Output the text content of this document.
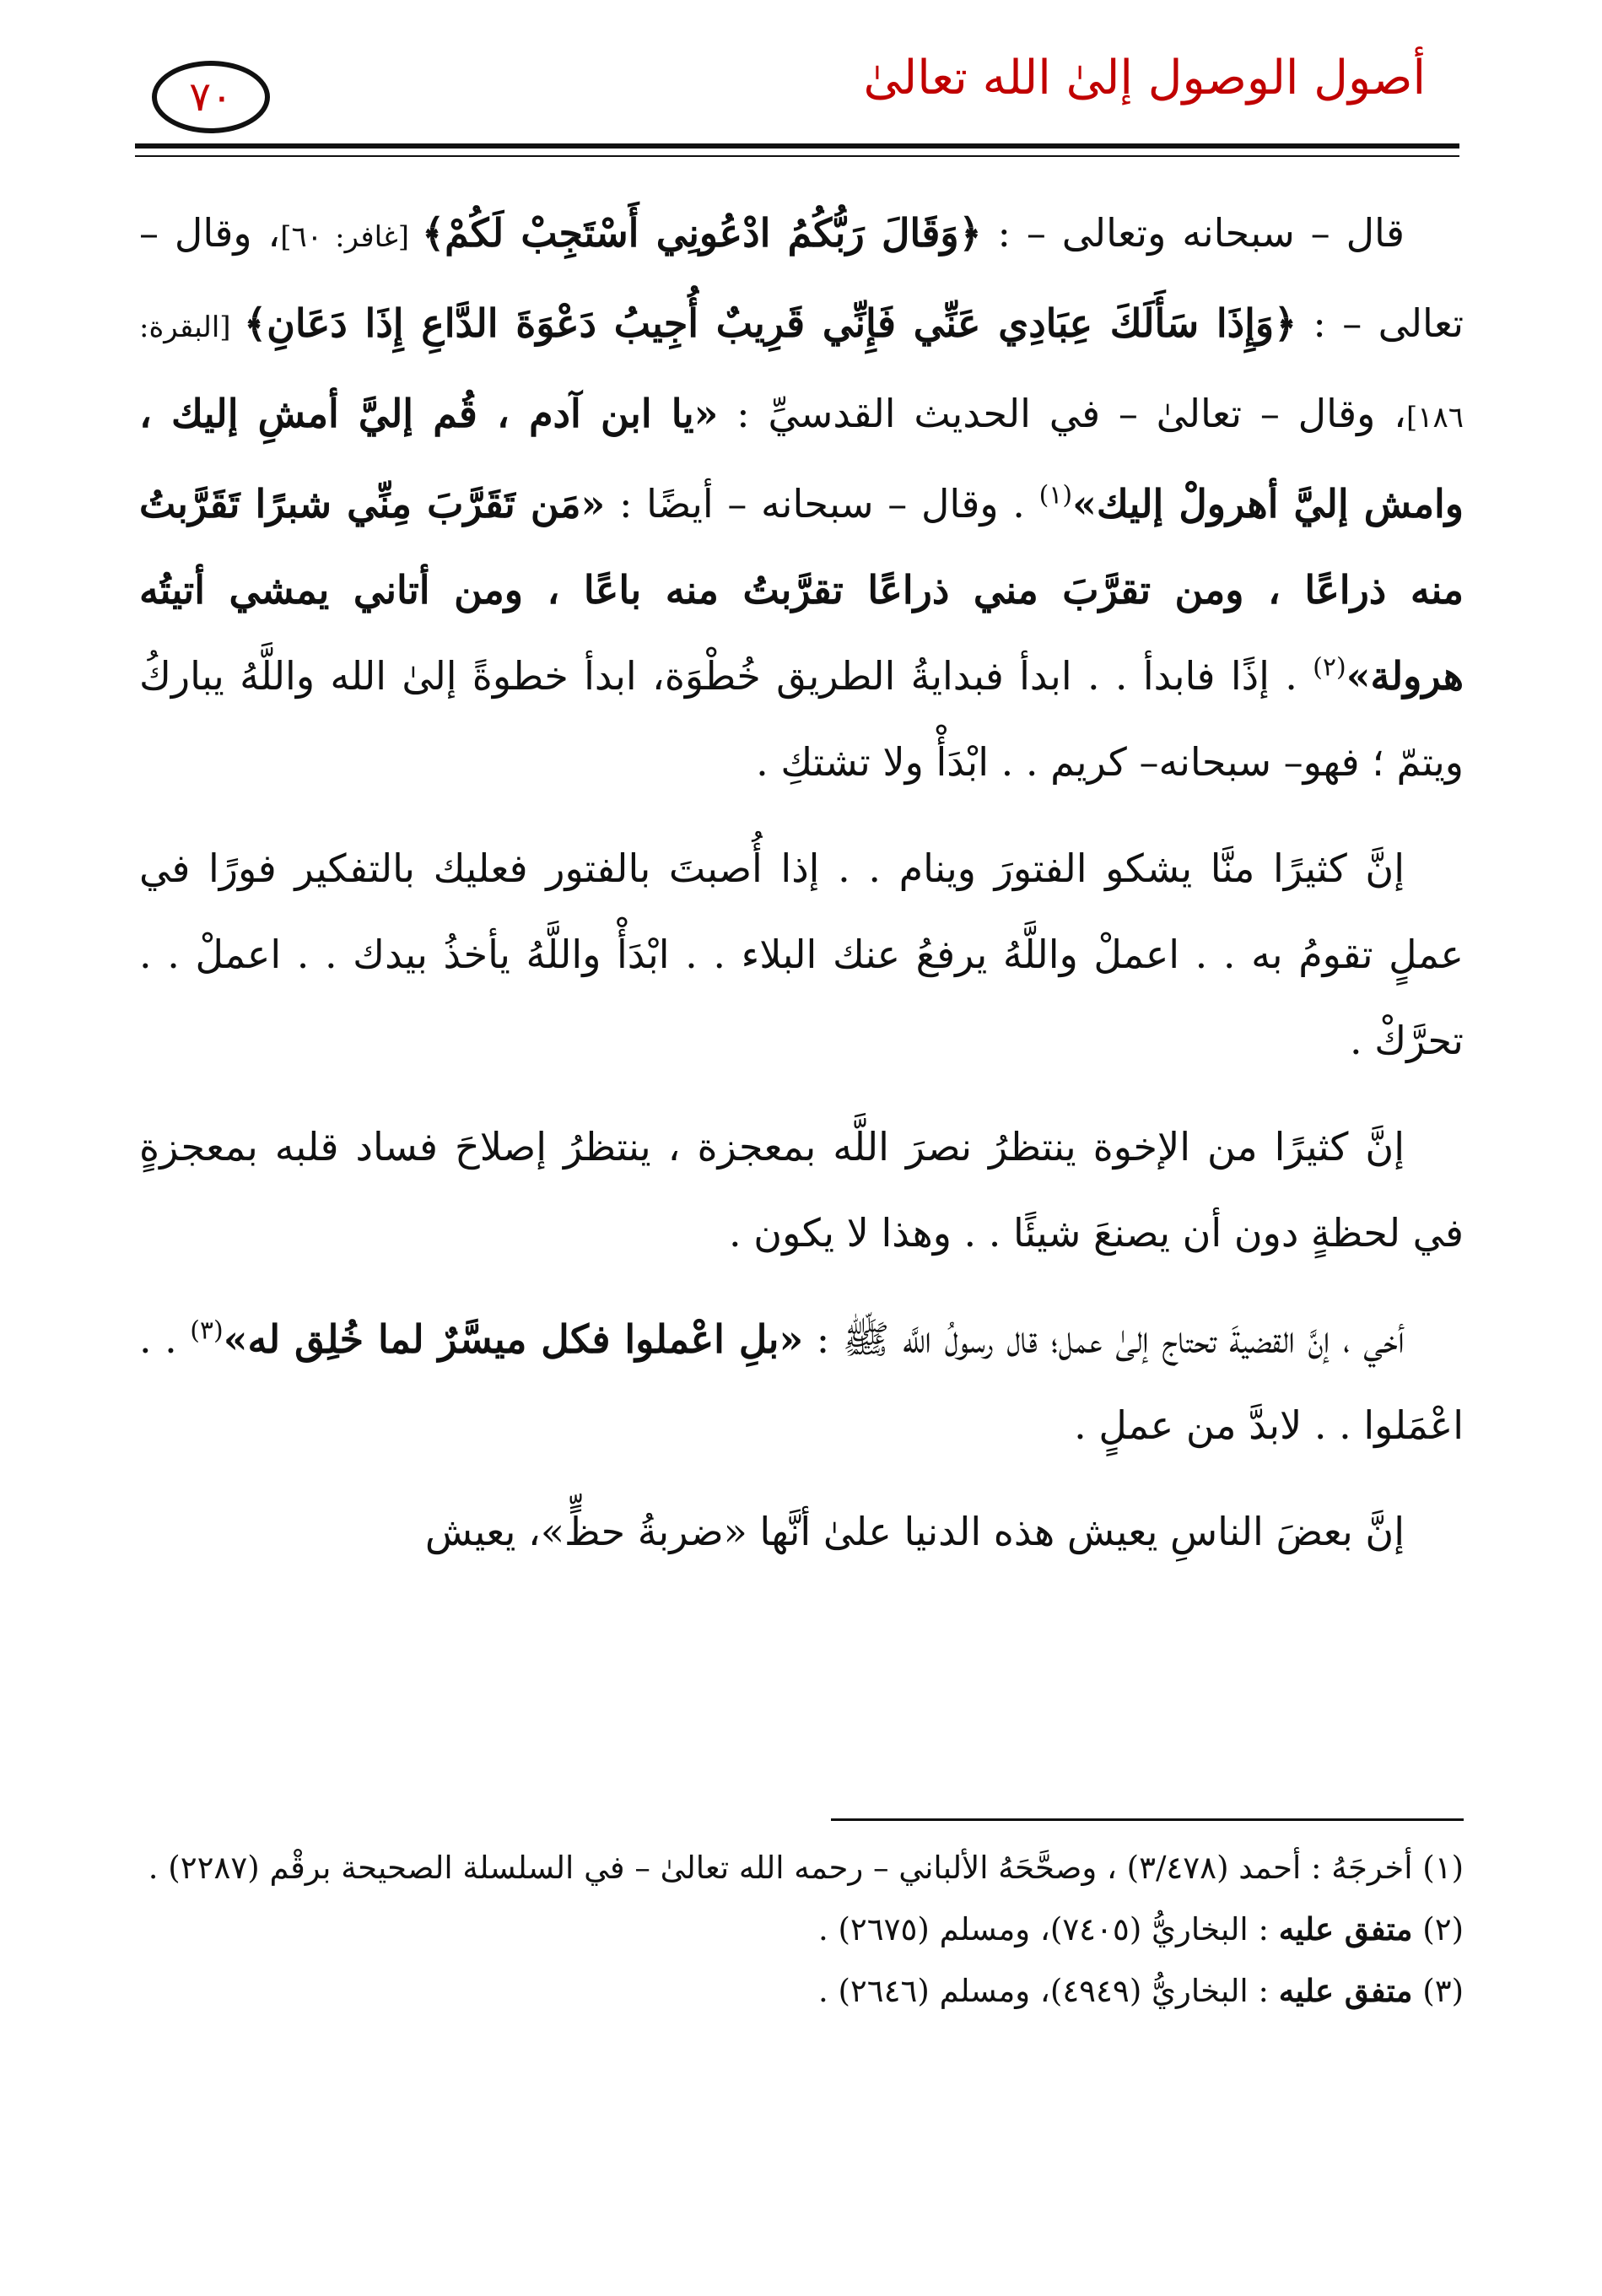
أصول الوصول إلىٰ الله تعالىٰ
٧٠

قال – سبحانه وتعالى – : ﴿وَقَالَ رَبُّكُمُ ادْعُونِي أَسْتَجِبْ لَكُمْ﴾ [غافر: ٦٠]، وقال – تعالى – : ﴿وَإِذَا سَأَلَكَ عِبَادِي عَنِّي فَإِنِّي قَرِيبٌ أُجِيبُ دَعْوَةَ الدَّاعِ إِذَا دَعَانِ﴾ [البقرة: ١٨٦]، وقال – تعالىٰ – في الحديث القدسيِّ : «يا ابن آدم ، قُم إليَّ أمشِ إليك ، وامش إليَّ أهرولْ إليك»$^{(١)}$ . وقال – سبحانه – أيضًا : «مَن تَقَرَّبَ مِنِّي شبرًا تَقَرَّبتُ منه ذراعًا ، ومن تقرَّبَ مني ذراعًا تقرَّبتُ منه باعًا ، ومن أتاني يمشي أتيتُه هرولة»$^{(٢)}$ . إذًا فابدأ . . ابدأ فبدايةُ الطريق خُطْوَة، ابدأ خطوةً إلىٰ الله واللَّهُ يباركُ ويتمّ ؛ فهو– سبحانه– كريم . . ابْدَأْ ولا تشتكِ .

إنَّ كثيرًا منَّا يشكو الفتورَ وينام . . إذا أُصبتَ بالفتور فعليك بالتفكير فورًا في عملٍ تقومُ به . . اعملْ واللَّهُ يرفعُ عنك البلاء . . ابْدَأْ واللَّهُ يأخذُ بيدك . . اعملْ . . تحرَّكْ .

إنَّ كثيرًا من الإخوة ينتظرُ نصرَ اللَّه بمعجزة ، ينتظرُ إصلاحَ فساد قلبه بمعجزةٍ في لحظةٍ دون أن يصنعَ شيئًا . . وهذا لا يكون .

أخي ، إنَّ القضيةَ تحتاج إلىٰ عمل؛ قال رسولُ اللَّه ﷺ : «بلِ اعْملوا فكل ميسَّرٌ لما خُلِق له»$^{(٣)}$ . . اعْمَلوا . . لابدَّ من عملٍ .

إنَّ بعضَ الناسِ يعيش هذه الدنيا علىٰ أنَّها «ضربةُ حظٍّ»، يعيش

(١) أخرجَهُ : أحمد (٣/٤٧٨) ، وصحَّحَهُ الألباني – رحمه الله تعالىٰ – في السلسلة الصحيحة برقْم (٢٢٨٧) .

(٢) متفق عليه : البخاريُّ (٧٤٠٥)، ومسلم (٢٦٧٥) .

(٣) متفق عليه : البخاريُّ (٤٩٤٩)، ومسلم (٢٦٤٦) .
